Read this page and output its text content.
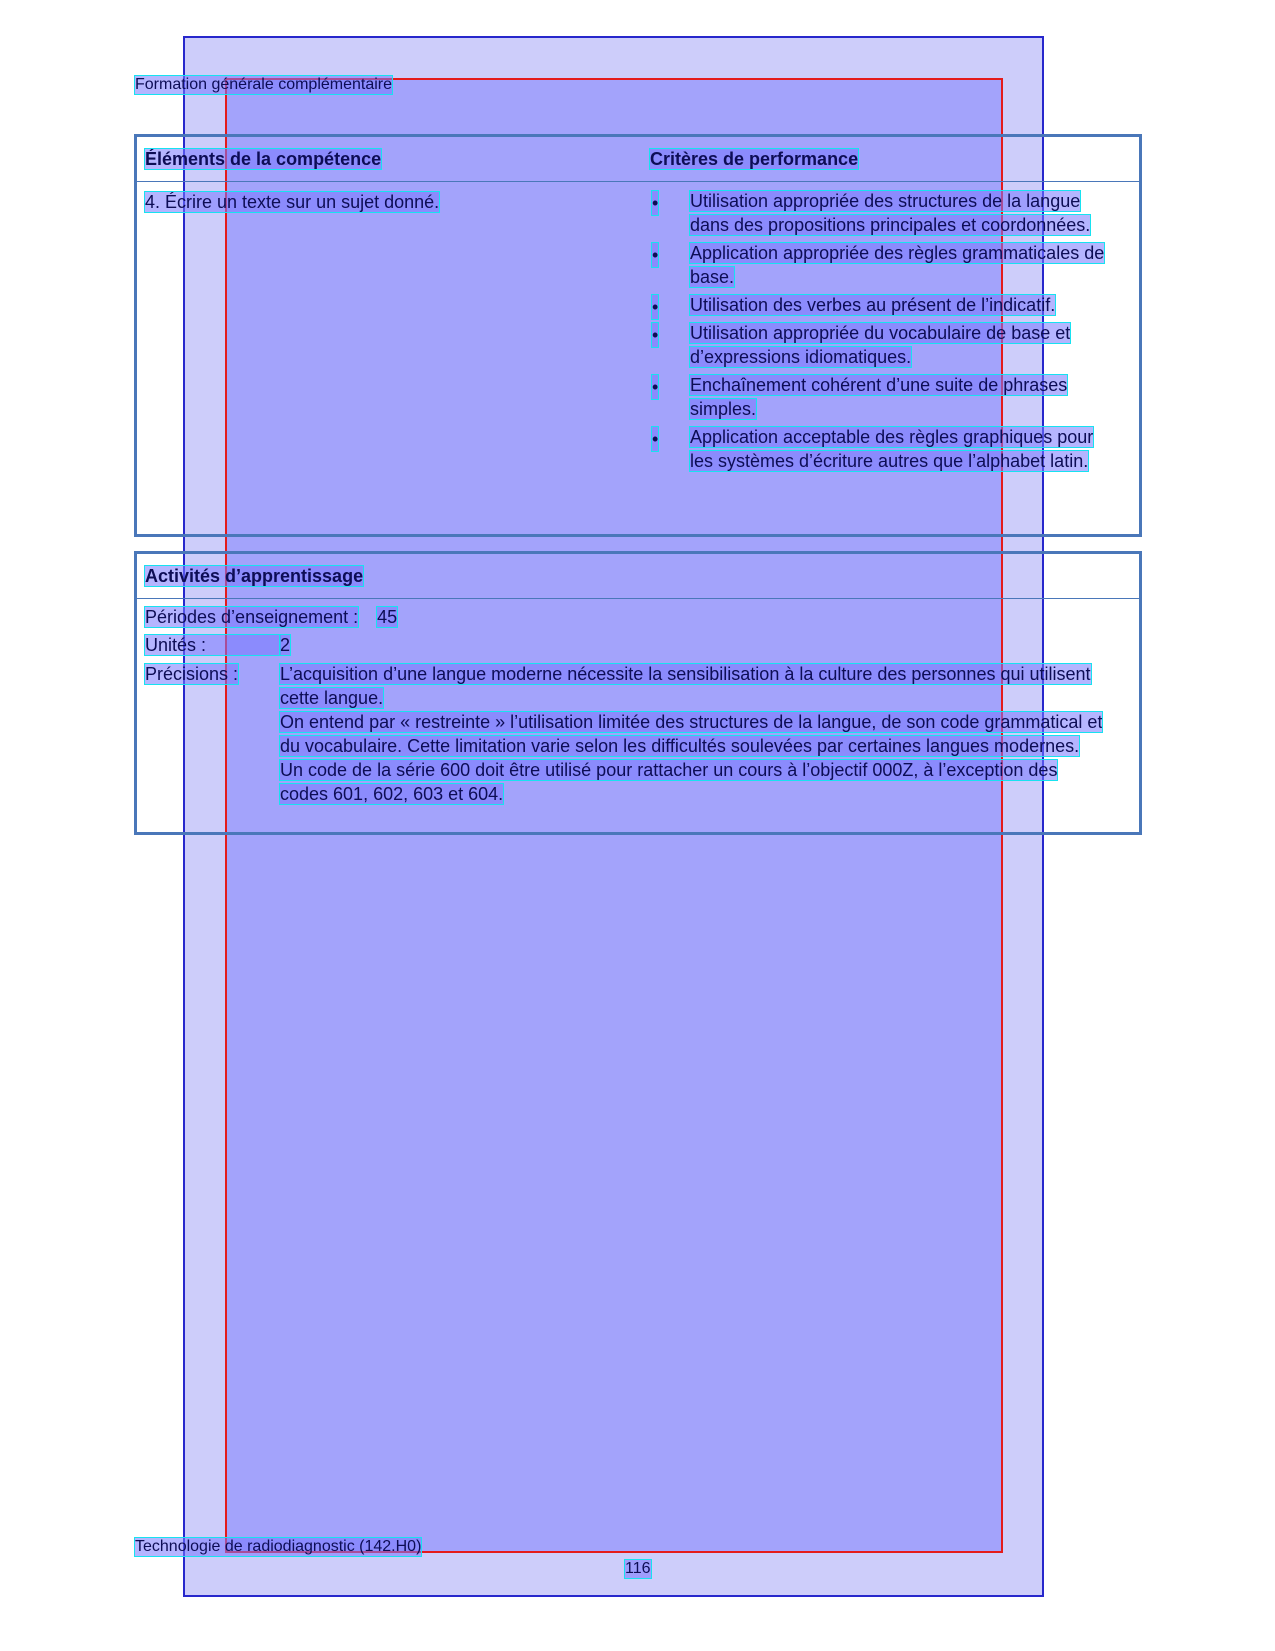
Formation générale complémentaire
Éléments de la compétence	Critères de performance
4. Écrire un texte sur un sujet donné.	• Utilisation appropriée des structures de la langue dans des propositions principales et coordonnées.
• Application appropriée des règles grammaticales de base.
• Utilisation des verbes au présent de l’indicatif.
• Utilisation appropriée du vocabulaire de base et d’expressions idiomatiques.
• Enchaînement cohérent d’une suite de phrases simples.
• Application acceptable des règles graphiques pour les systèmes d’écriture autres que l’alphabet latin.
Activités d’apprentissage
Périodes d’enseignement : 45
Unités :	2
Précisions : L’acquisition d’une langue moderne nécessite la sensibilisation à la culture des personnes qui utilisent cette langue.

On entend par « restreinte » l’utilisation limitée des structures de la langue, de son code grammatical et du vocabulaire. Cette limitation varie selon les difficultés soulevées par certaines langues modernes.

Un code de la série 600 doit être utilisé pour rattacher un cours à l’objectif 000Z, à l’exception des codes 601, 602, 603 et 604.

Technologie de radiodiagnostic (142.H0)
116
